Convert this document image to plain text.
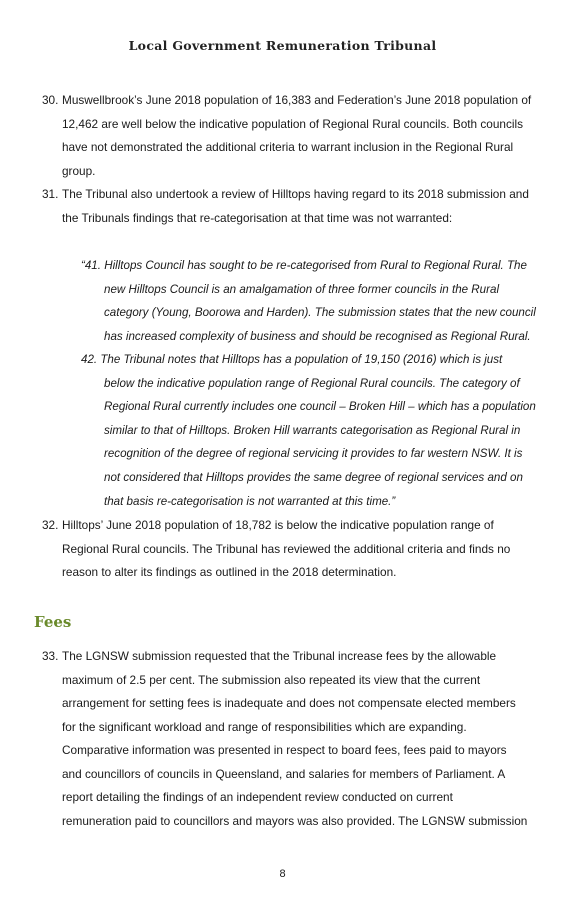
Local Government Remuneration Tribunal
30. Muswellbrook’s June 2018 population of 16,383 and Federation’s June 2018 population of
12,462 are well below the indicative population of Regional Rural councils. Both councils
have not demonstrated the additional criteria to warrant inclusion in the Regional Rural
group.
31. The Tribunal also undertook a review of Hilltops having regard to its 2018 submission and
the Tribunals findings that re-categorisation at that time was not warranted:
“41. Hilltops Council has sought to be re-categorised from Rural to Regional Rural. The
new Hilltops Council is an amalgamation of three former councils in the Rural
category (Young, Boorowa and Harden). The submission states that the new council
has increased complexity of business and should be recognised as Regional Rural.
42. The Tribunal notes that Hilltops has a population of 19,150 (2016) which is just
below the indicative population range of Regional Rural councils. The category of
Regional Rural currently includes one council – Broken Hill – which has a population
similar to that of Hilltops. Broken Hill warrants categorisation as Regional Rural in
recognition of the degree of regional servicing it provides to far western NSW. It is
not considered that Hilltops provides the same degree of regional services and on
that basis re-categorisation is not warranted at this time.”
32. Hilltops’ June 2018 population of 18,782 is below the indicative population range of
Regional Rural councils. The Tribunal has reviewed the additional criteria and finds no
reason to alter its findings as outlined in the 2018 determination.
Fees
33. The LGNSW submission requested that the Tribunal increase fees by the allowable
maximum of 2.5 per cent. The submission also repeated its view that the current
arrangement for setting fees is inadequate and does not compensate elected members
for the significant workload and range of responsibilities which are expanding.
Comparative information was presented in respect to board fees, fees paid to mayors
and councillors of councils in Queensland, and salaries for members of Parliament. A
report detailing the findings of an independent review conducted on current
remuneration paid to councillors and mayors was also provided. The LGNSW submission
8
